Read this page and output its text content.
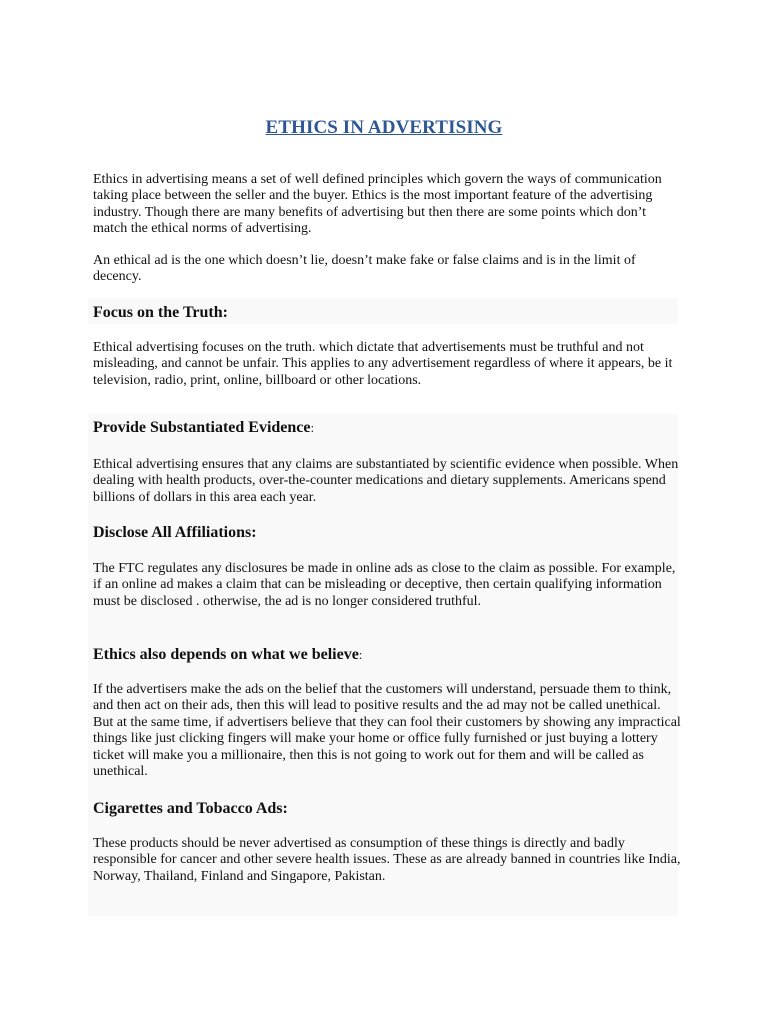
ETHICS IN ADVERTISING

Ethics in advertising means a set of well defined principles which govern the ways of communication taking place between the seller and the buyer. Ethics is the most important feature of the advertising industry. Though there are many benefits of advertising but then there are some points which don’t match the ethical norms of advertising.

An ethical ad is the one which doesn’t lie, doesn’t make fake or false claims and is in the limit of decency.

Focus on the Truth:

Ethical advertising focuses on the truth. which dictate that advertisements must be truthful and not misleading, and cannot be unfair. This applies to any advertisement regardless of where it appears, be it television, radio, print, online, billboard or other locations.

Provide Substantiated Evidence:

Ethical advertising ensures that any claims are substantiated by scientific evidence when possible. When dealing with health products, over-the-counter medications and dietary supplements. Americans spend billions of dollars in this area each year.

Disclose All Affiliations:

The FTC regulates any disclosures be made in online ads as close to the claim as possible. For example, if an online ad makes a claim that can be misleading or deceptive, then certain qualifying information must be disclosed . otherwise, the ad is no longer considered truthful.

Ethics also depends on what we believe:

If the advertisers make the ads on the belief that the customers will understand, persuade them to think, and then act on their ads, then this will lead to positive results and the ad may not be called unethical. But at the same time, if advertisers believe that they can fool their customers by showing any impractical things like just clicking fingers will make your home or office fully furnished or just buying a lottery ticket will make you a millionaire, then this is not going to work out for them and will be called as unethical.

Cigarettes and Tobacco Ads:

These products should be never advertised as consumption of these things is directly and badly responsible for cancer and other severe health issues. These as are already banned in countries like India, Norway, Thailand, Finland and Singapore, Pakistan.
